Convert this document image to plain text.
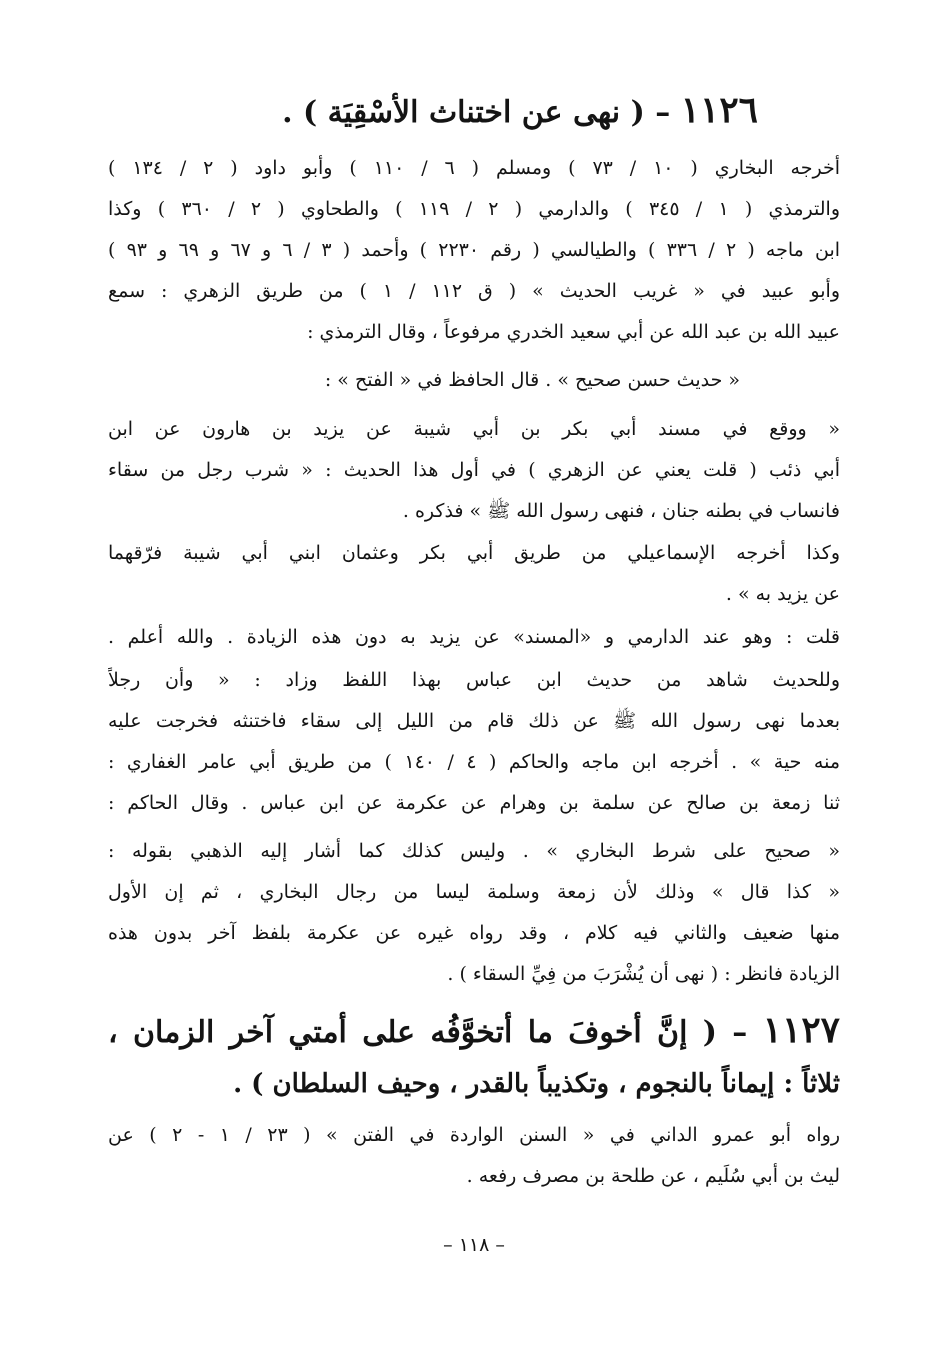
١١٢٦ – ( نهى عن اختناث الأسْقِيَة ) .
أخرجه البخاري ( ١٠ / ٧٣ ) ومسلم ( ٦ / ١١٠ ) وأبو داود ( ٢ / ١٣٤ )
والترمذي ( ١ / ٣٤٥ ) والدارمي ( ٢ / ١١٩ ) والطحاوي ( ٢ / ٣٦٠ ) وكذا
ابن ماجه ( ٢ / ٣٣٦ ) والطيالسي ( رقم ٢٢٣٠ ) وأحمد ( ٣ / ٦ و ٦٧ و ٦٩ و ٩٣ )
وأبو عبيد في « غريب الحديث » ( ق ١١٢ / ١ ) من طريق الزهري : سمع
عبيد الله بن عبد الله عن أبي سعيد الخدري مرفوعاً ، وقال الترمذي :
« حديث حسن صحيح » . قال الحافظ في « الفتح » :
« ووقع في مسند أبي بكر بن أبي شيبة عن يزيد بن هارون عن ابن
أبي ذئب ( قلت يعني عن الزهري ) في أول هذا الحديث : « شرب رجل من سقاء
فانساب في بطنه جنان ، فنهى رسول الله ﷺ » فذكره .
وكذا أخرجه الإسماعيلي من طريق أبي بكر وعثمان ابني أبي شيبة فرّقهما
عن يزيد به » .
قلت : وهو عند الدارمي و «المسند» عن يزيد به دون هذه الزيادة . والله أعلم .
وللحديث شاهد من حديث ابن عباس بهذا اللفظ وزاد : « وأن رجلاً
بعدما نهى رسول الله ﷺ عن ذلك قام من الليل إلى سقاء فاختنثه فخرجت عليه
منه حية » . أخرجه ابن ماجه والحاكم ( ٤ / ١٤٠ ) من طريق أبي عامر الغفاري :
ثنا زمعة بن صالح عن سلمة بن وهرام عن عكرمة عن ابن عباس . وقال الحاكم :
« صحيح على شرط البخاري » . وليس كذلك كما أشار إليه الذهبي بقوله :
« كذا قال » وذلك لأن زمعة وسلمة ليسا من رجال البخاري ، ثم إن الأول
منها ضعيف والثاني فيه كلام ، وقد رواه غيره عن عكرمة بلفظ آخر بدون هذه
الزيادة فانظر : ( نهى أن يُشْرَبَ من فِيِّ السقاء ) .
١١٢٧ – ( إنَّ أخوفَ ما أتخوَّفُه على أمتي آخر الزمان ،
ثلاثاً : إيماناً بالنجوم ، وتكذيباً بالقدر ، وحيف السلطان ) .
رواه أبو عمرو الداني في « السنن الواردة في الفتن » ( ٢٣ / ١ - ٢ ) عن
ليث بن أبي سُلَيم ، عن طلحة بن مصرف رفعه .
– ١١٨ –
